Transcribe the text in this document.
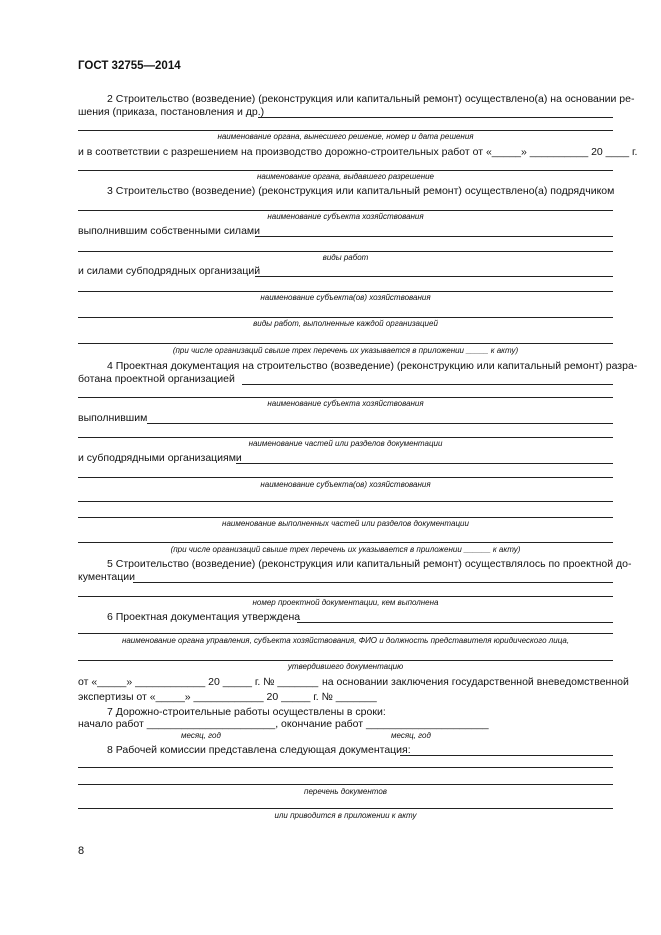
ГОСТ 32755—2014
2 Строительство (возведение) (реконструкция или капитальный ремонт) осуществлено(а) на основании ре-
шения (приказа, постановления и др.)
наименование органа, вынесшего решение, номер и дата решения
и в соответствии с разрешением на производство дорожно-строительных работ от «_____» __________ 20 ____ г.
наименование органа, выдавшего разрешение
3 Строительство (возведение) (реконструкция или капитальный ремонт) осуществлено(а) подрядчиком
наименование субъекта хозяйствования
выполнившим собственными силами
виды работ
и силами субподрядных организаций
наименование субъекта(ов) хозяйствования
виды работ, выполненные каждой организацией
(при числе организаций свыше трех перечень их указывается в приложении _____ к акту)
4 Проектная документация на строительство (возведение) (реконструкцию или капитальный ремонт) разра-
ботана проектной организацией
наименование субъекта хозяйствования
выполнившим
наименование частей или разделов документации
и субподрядными организациями
наименование субъекта(ов) хозяйствования
наименование выполненных частей или разделов документации
(при числе организаций свыше трех перечень их указывается в приложении ______ к акту)
5 Строительство (возведение) (реконструкция или капитальный ремонт) осуществлялось по проектной до-
кументации
номер проектной документации, кем выполнена
6 Проектная документация утверждена
наименование органа управления, субъекта хозяйствования, ФИО и должность представителя юридического лица,
утвердившего документацию
от «_____» ____________ 20 _____ г. № _______ на основании заключения государственной вневедомственной
экспертизы от «_____» ____________ 20 _____ г. № _______
7 Дорожно-строительные работы осуществлены в сроки:
начало работ ______________________, окончание работ _____________________
месяц, год	месяц, год
8 Рабочей комиссии представлена следующая документация:
перечень документов
или приводится в приложении к акту
8
